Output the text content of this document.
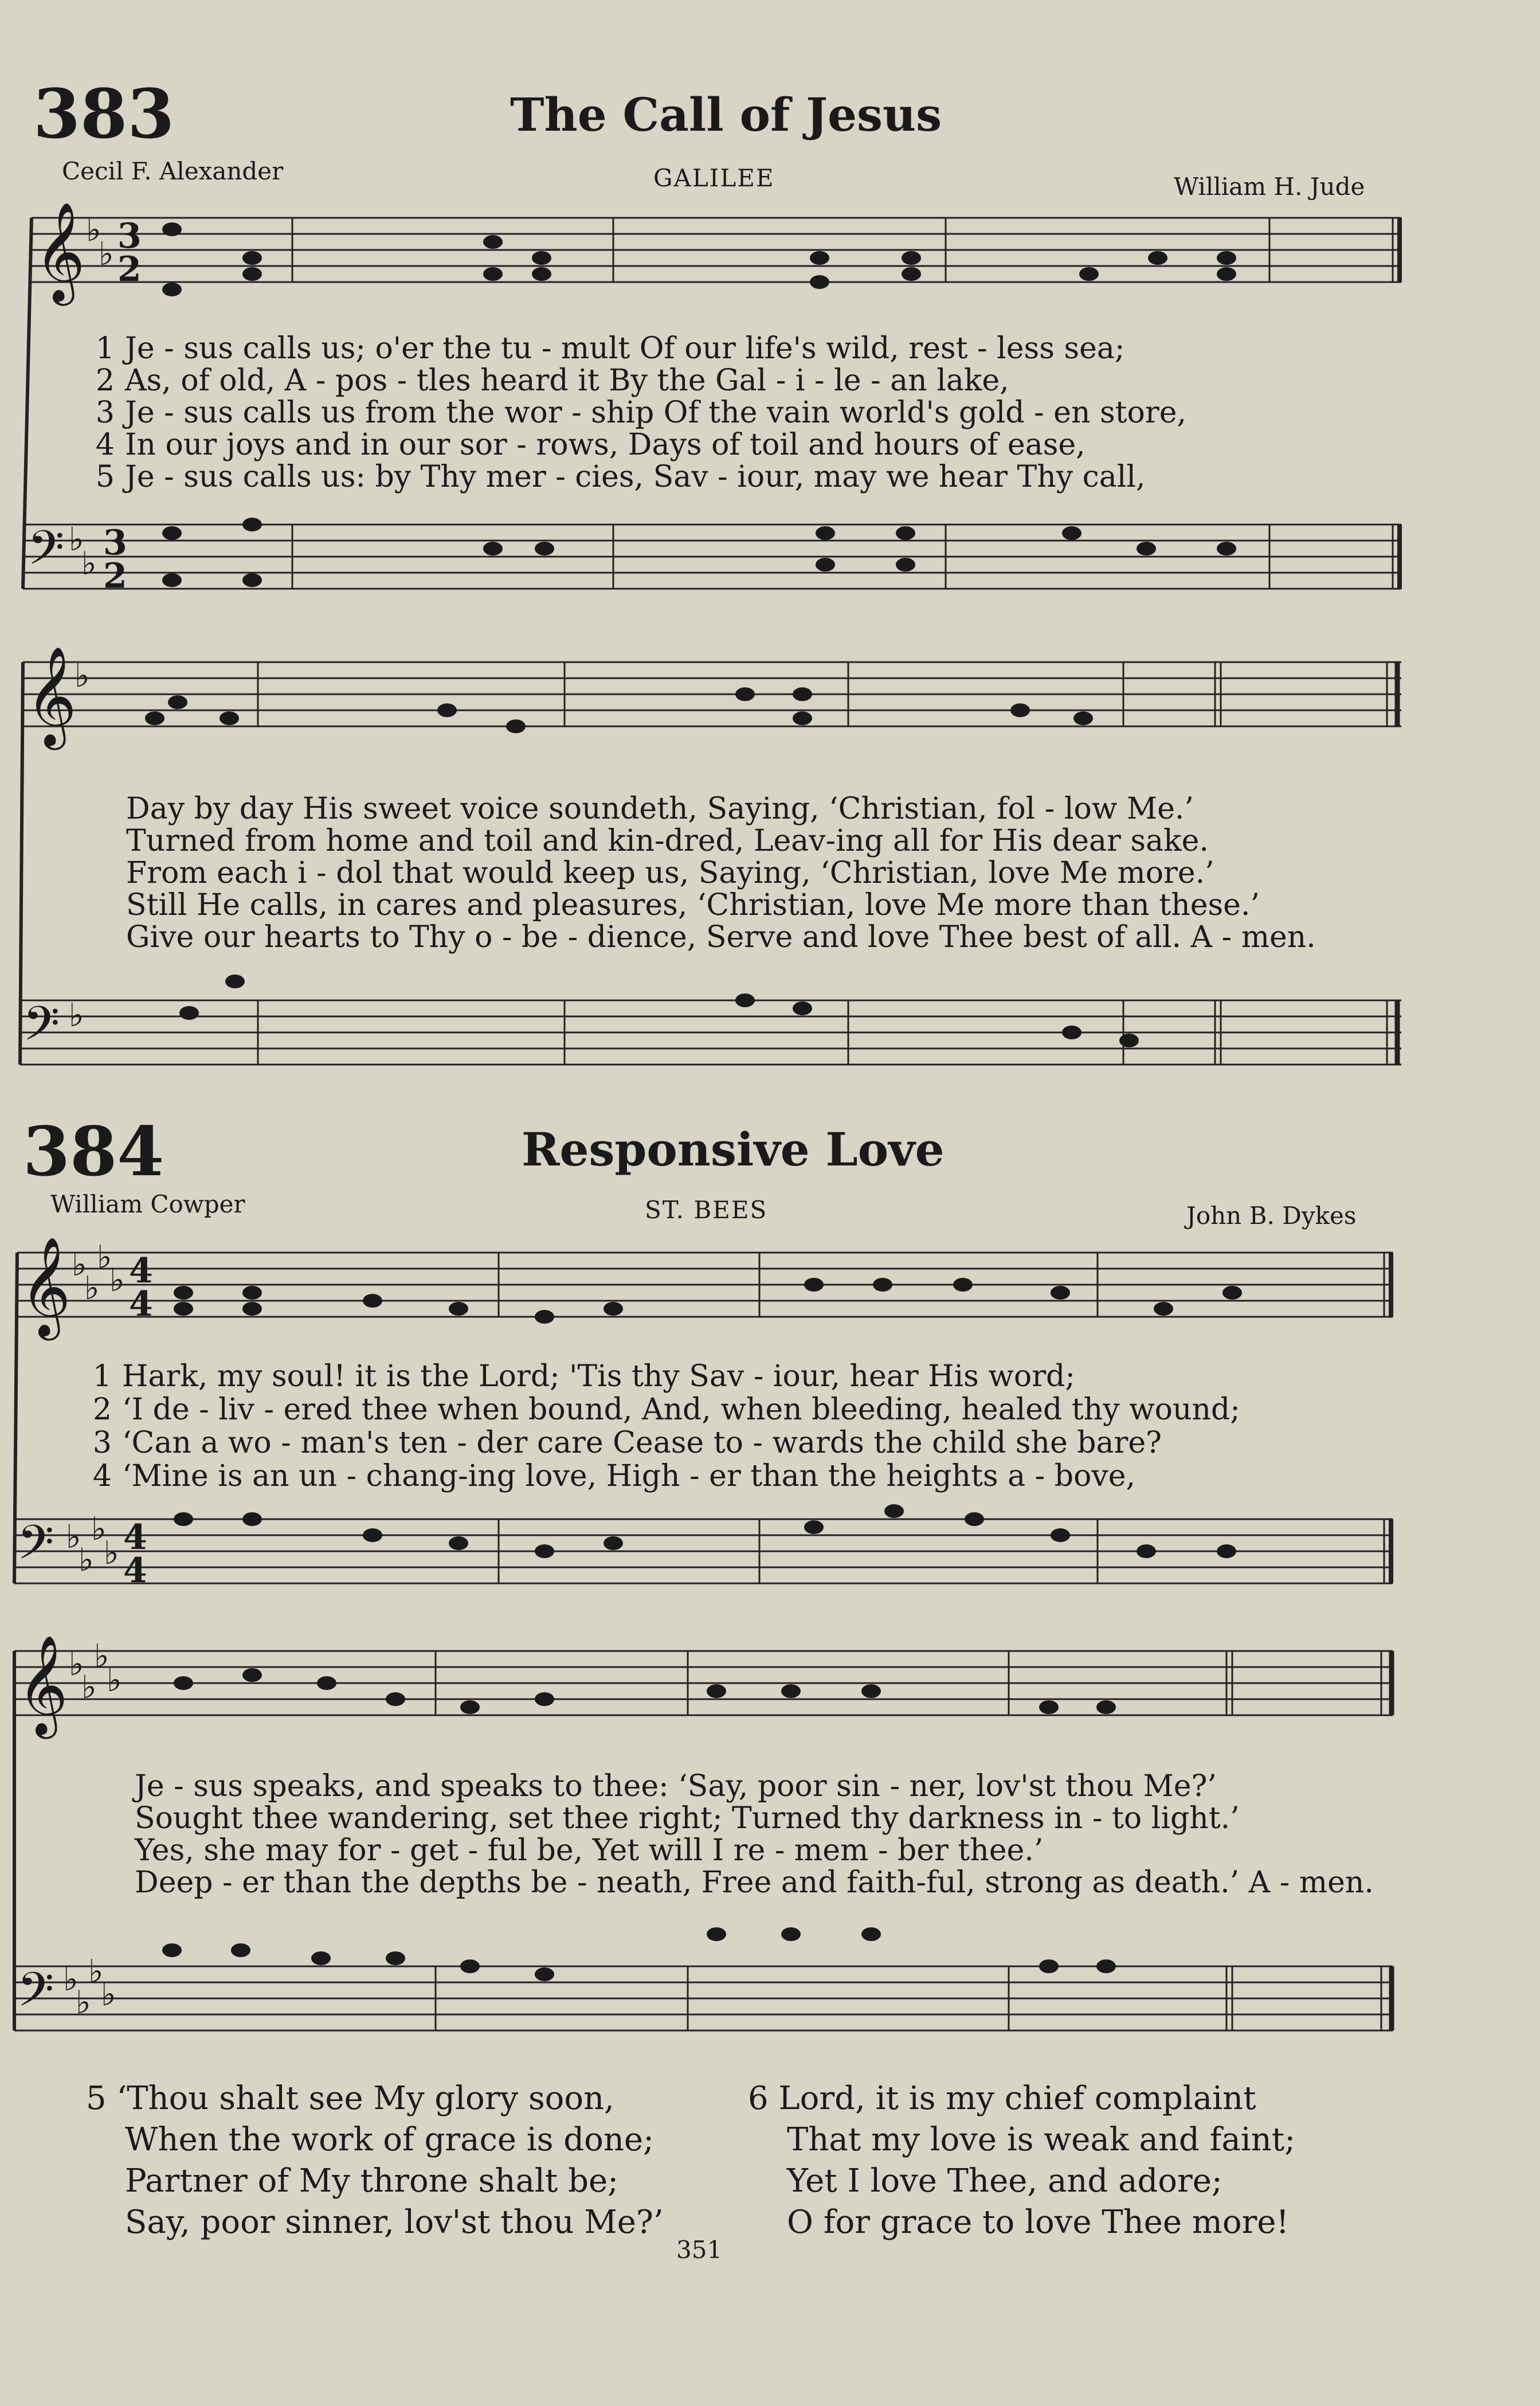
383	The Call of Jesus
Cecil F. Alexander	GALILEE	William H. Jude
𝄞
𝄢
𝄞
𝄢
𝄞
𝄢
𝄞
𝄢
♭
♭
♭
♭
♭
♭
♭
♭
♭
♭
♭
♭
♭
♭
♭
♭
♭
♭
♭
♭
♭
♭
3
2
3
2
4
4
4
4
1 Je - sus calls us; o'er the tu - mult Of our life's wild, rest - less sea;
2 As, of old, A - pos - tles heard it By the Gal - i - le - an lake,
3 Je - sus calls us from the wor - ship Of the vain world's gold - en store,
4 In our joys and in our sor - rows, Days of toil and hours of ease,
5 Je - sus calls us: by Thy mer - cies, Sav - iour, may we hear Thy call,
Day by day His sweet voice soundeth, Saying, ‘Christian, fol - low Me.’
Turned from home and toil and kin-dred, Leav-ing all for His dear sake.
From each i - dol that would keep us, Saying, ‘Christian, love Me more.’
Still He calls, in cares and pleasures, ‘Christian, love Me more than these.’
Give our hearts to Thy o - be - dience, Serve and love Thee best of all. A - men.
384	Responsive Love
William Cowper	ST. BEES	John B. Dykes
1 Hark, my soul! it is the Lord; 'Tis thy Sav - iour, hear His word;
2 ‘I de - liv - ered thee when bound, And, when bleeding, healed thy wound;
3 ‘Can a wo - man's ten - der care Cease to - wards the child she bare?
4 ‘Mine is an un - chang-ing love, High - er than the heights a - bove,
Je - sus speaks, and speaks to thee: ‘Say, poor sin - ner, lov'st thou Me?’
Sought thee wandering, set thee right; Turned thy darkness in - to light.’
Yes, she may for - get - ful be, Yet will I re - mem - ber thee.’
Deep - er than the depths be - neath, Free and faith-ful, strong as death.’ A - men.
5 ‘Thou shalt see My glory soon,
When the work of grace is done;
Partner of My throne shalt be;
Say, poor sinner, lov'st thou Me?’
6 Lord, it is my chief complaint
That my love is weak and faint;
Yet I love Thee, and adore;
O for grace to love Thee more!
351
